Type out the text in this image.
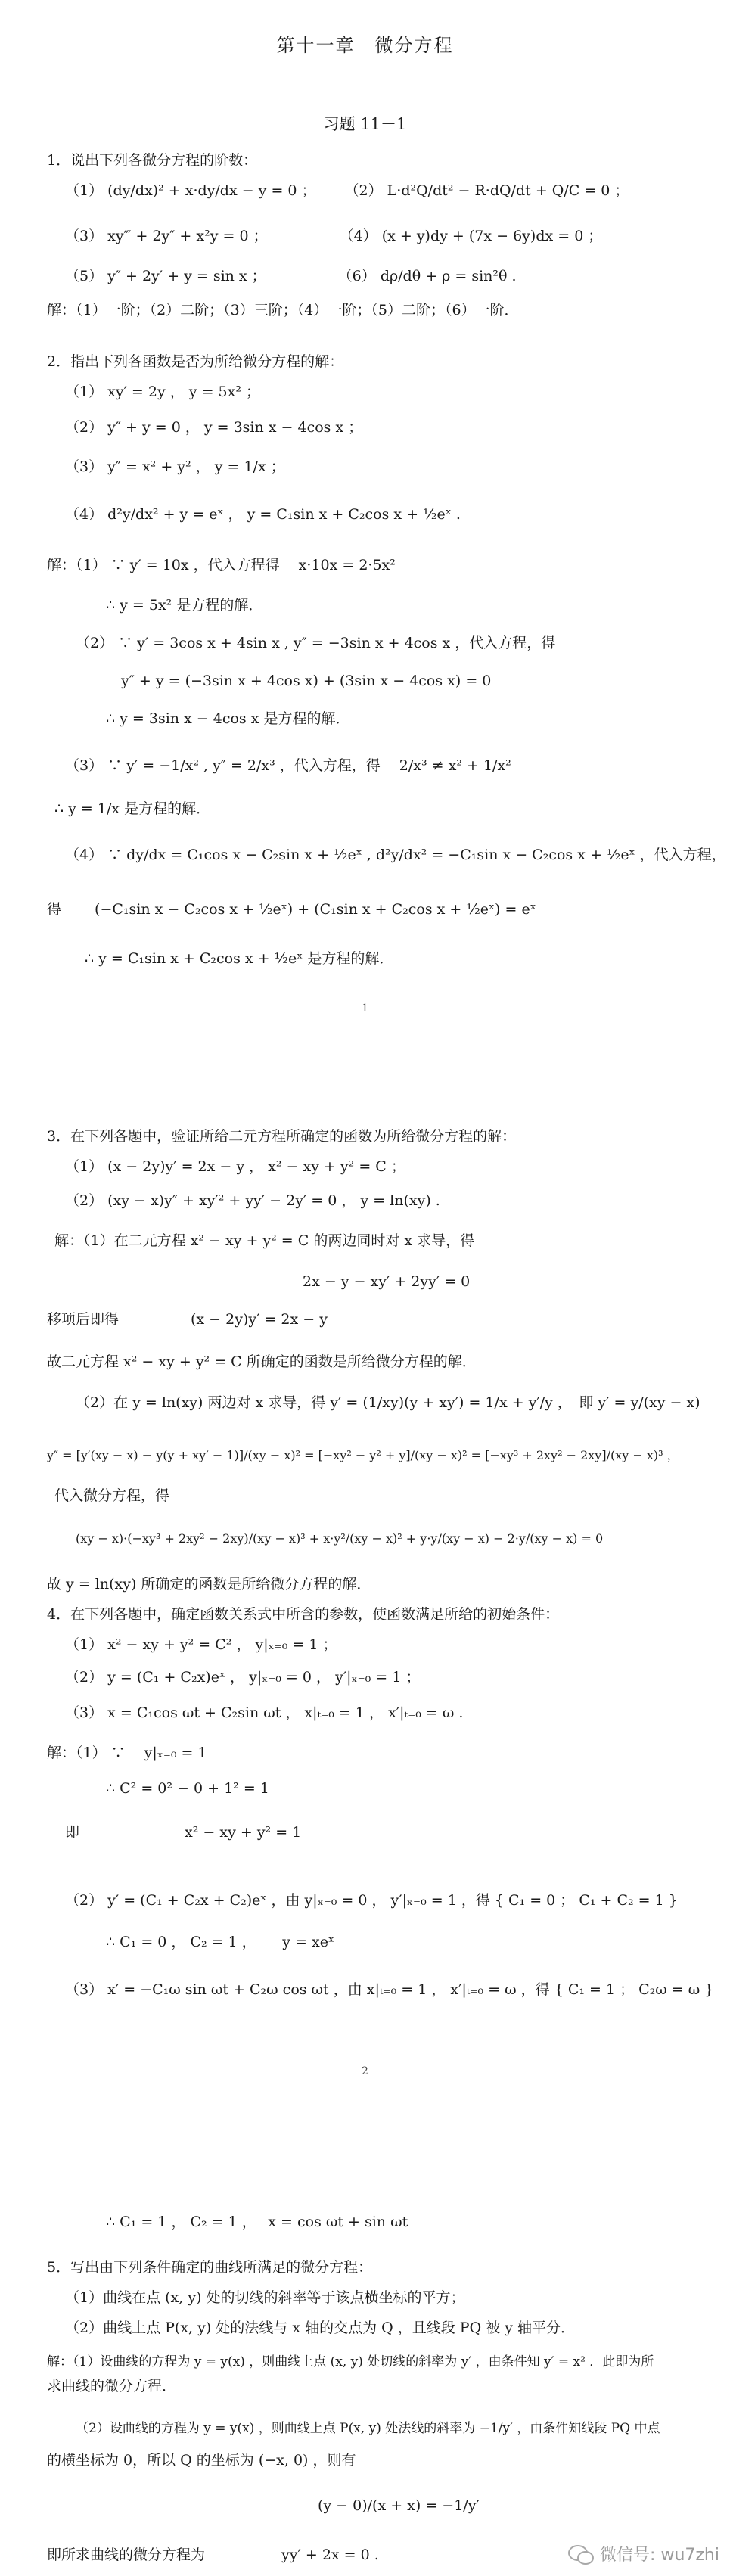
第十一章　微分方程
习题 11－1
1．说出下列各微分方程的阶数：
（1） (dy/dx)² + x·dy/dx − y = 0 ；　　　（2） L·d²Q/dt² − R·dQ/dt + Q/C = 0 ；
（3） xy‴ + 2y″ + x²y = 0 ；　　　　　　（4） (x + y)dy + (7x − 6y)dx = 0 ；
（5） y″ + 2y′ + y = sin x ；　　　　　　（6） dρ/dθ + ρ = sin²θ .
解：（1）一阶；（2）二阶；（3）三阶；（4）一阶；（5）二阶；（6）一阶．
2．指出下列各函数是否为所给微分方程的解：
（1） xy′ = 2y ， y = 5x² ；
（2） y″ + y = 0 ， y = 3sin x − 4cos x ；
（3） y″ = x² + y² ， y = 1/x ；
（4） d²y/dx² + y = eˣ ， y = C₁sin x + C₂cos x + ½eˣ .
解：（1） ∵ y′ = 10x ，代入方程得　 x·10x = 2·5x²
∴ y = 5x² 是方程的解．
（2） ∵ y′ = 3cos x + 4sin x , y″ = −3sin x + 4cos x ，代入方程，得
y″ + y = (−3sin x + 4cos x) + (3sin x − 4cos x) = 0
∴ y = 3sin x − 4cos x 是方程的解．
（3） ∵ y′ = −1/x² , y″ = 2/x³ ，代入方程，得　 2/x³ ≠ x² + 1/x²
∴ y = 1/x 是方程的解．
（4） ∵ dy/dx = C₁cos x − C₂sin x + ½eˣ , d²y/dx² = −C₁sin x − C₂cos x + ½eˣ ，代入方程，
得　　 (−C₁sin x − C₂cos x + ½eˣ) + (C₁sin x + C₂cos x + ½eˣ) = eˣ
∴ y = C₁sin x + C₂cos x + ½eˣ 是方程的解．
1
3．在下列各题中，验证所给二元方程所确定的函数为所给微分方程的解：
（1） (x − 2y)y′ = 2x − y ， x² − xy + y² = C ；
（2） (xy − x)y″ + xy′² + yy′ − 2y′ = 0 ， y = ln(xy) .
解：（1）在二元方程 x² − xy + y² = C 的两边同时对 x 求导，得
2x − y − xy′ + 2yy′ = 0
移项后即得　　　　　(x − 2y)y′ = 2x − y
故二元方程 x² − xy + y² = C 所确定的函数是所给微分方程的解．
（2）在 y = ln(xy) 两边对 x 求导，得 y′ = (1/xy)(y + xy′) = 1/x + y′/y ，　即 y′ = y/(xy − x)
y″ = [y′(xy − x) − y(y + xy′ − 1)]/(xy − x)² = [−xy² − y² + y]/(xy − x)² = [−xy³ + 2xy² − 2xy]/(xy − x)³ ，
代入微分方程，得
(xy − x)·(−xy³ + 2xy² − 2xy)/(xy − x)³ + x·y²/(xy − x)² + y·y/(xy − x) − 2·y/(xy − x) = 0
故 y = ln(xy) 所确定的函数是所给微分方程的解．
4．在下列各题中，确定函数关系式中所含的参数，使函数满足所给的初始条件：
（1） x² − xy + y² = C² ， y|ₓ₌₀ = 1 ；
（2） y = (C₁ + C₂x)eˣ ， y|ₓ₌₀ = 0 ， y′|ₓ₌₀ = 1 ；
（3） x = C₁cos ωt + C₂sin ωt ， x|ₜ₌₀ = 1 ， x′|ₜ₌₀ = ω .
解：（1） ∵　 y|ₓ₌₀ = 1
∴ C² = 0² − 0 + 1² = 1
即　　　　　　　 x² − xy + y² = 1
（2） y′ = (C₁ + C₂x + C₂)eˣ ，由 y|ₓ₌₀ = 0 ， y′|ₓ₌₀ = 1 ，得 { C₁ = 0 ； C₁ + C₂ = 1 }
∴ C₁ = 0 ， C₂ = 1 ，　　 y = xeˣ
（3） x′ = −C₁ω sin ωt + C₂ω cos ωt ，由 x|ₜ₌₀ = 1 ， x′|ₜ₌₀ = ω ，得 { C₁ = 1 ； C₂ω = ω }
2
∴ C₁ = 1 ， C₂ = 1 ，　 x = cos ωt + sin ωt
5．写出由下列条件确定的曲线所满足的微分方程：
（1）曲线在点 (x, y) 处的切线的斜率等于该点横坐标的平方；
（2）曲线上点 P(x, y) 处的法线与 x 轴的交点为 Q ，且线段 PQ 被 y 轴平分．
解：（1）设曲线的方程为 y = y(x) ，则曲线上点 (x, y) 处切线的斜率为 y′ ，由条件知 y′ = x² ．此即为所
求曲线的微分方程．
（2）设曲线的方程为 y = y(x) ，则曲线上点 P(x, y) 处法线的斜率为 −1/y′ ，由条件知线段 PQ 中点
的横坐标为 0，所以 Q 的坐标为 (−x, 0) ，则有
(y − 0)/(x + x) = −1/y′
即所求曲线的微分方程为　　　　　 yy′ + 2x = 0 .	微信号: wu7zhi
